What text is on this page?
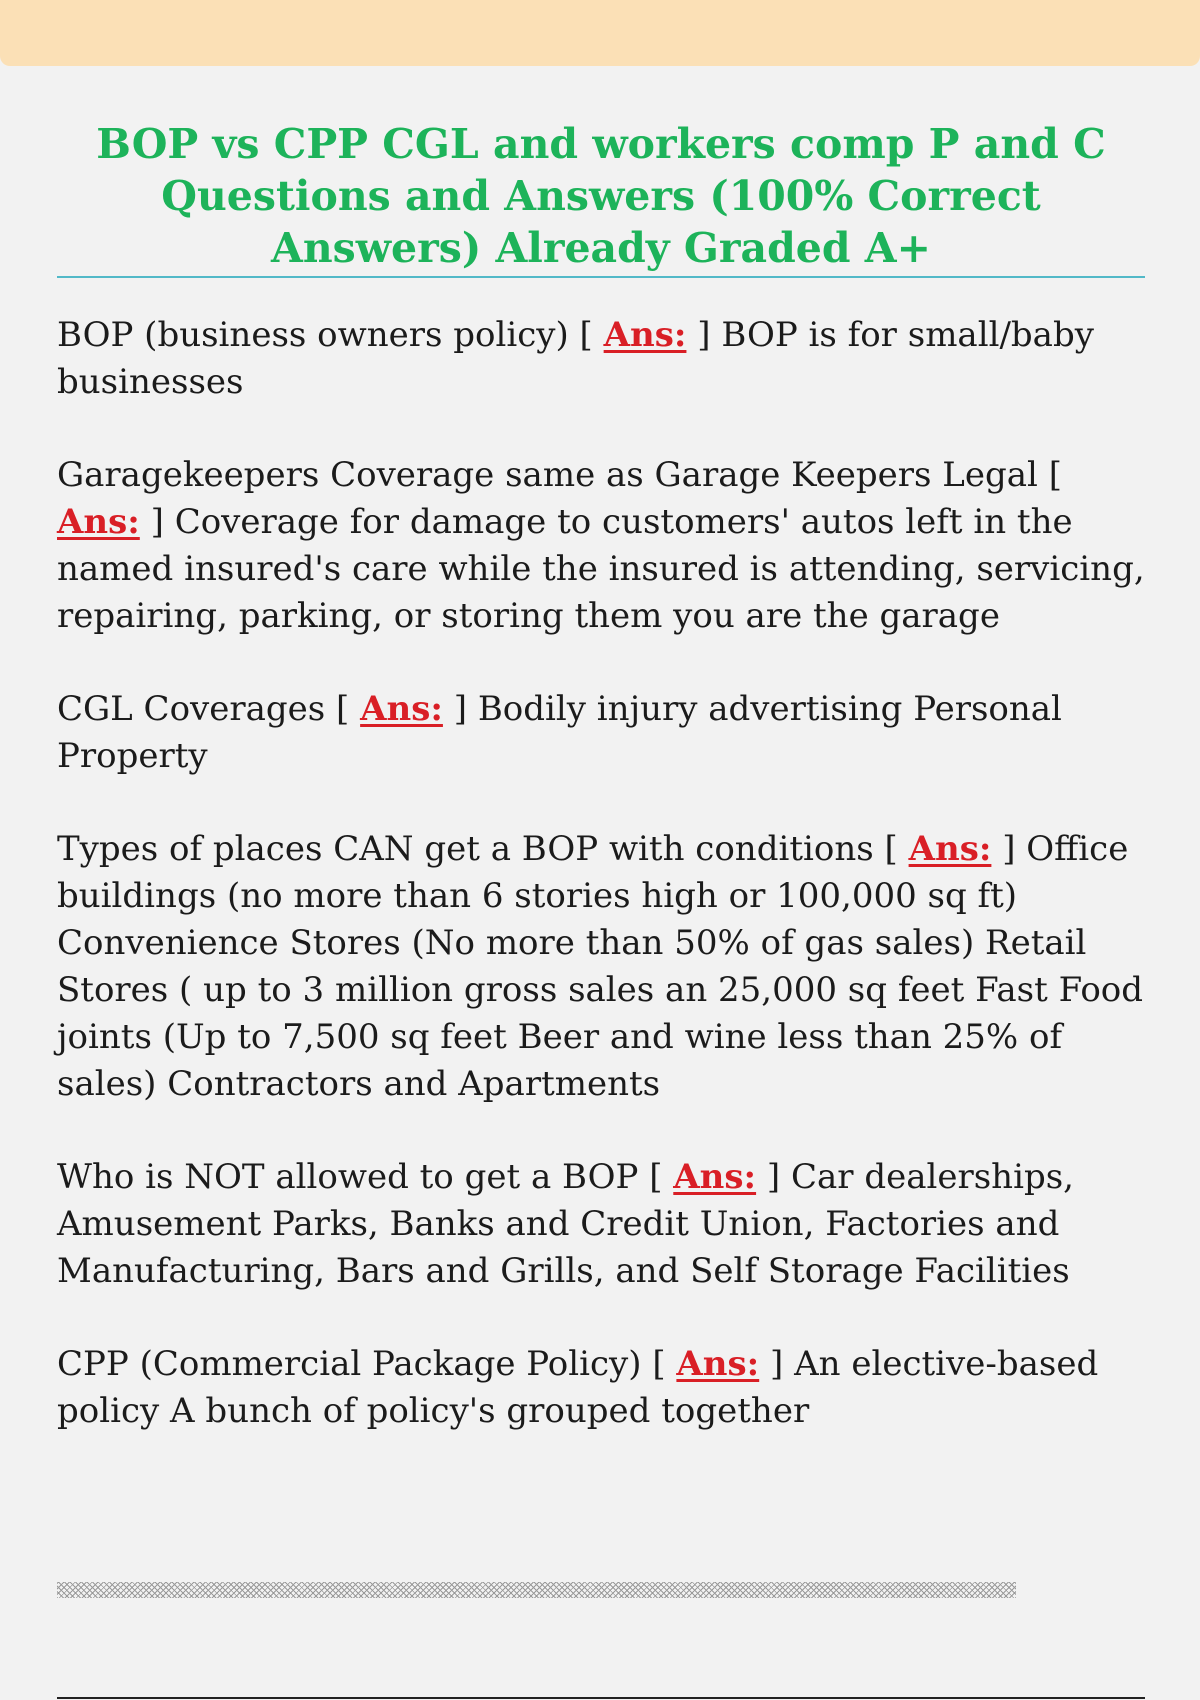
BOP vs CPP CGL and workers comp P and C Questions and Answers (100% Correct Answers) Already Graded A+

BOP (business owners policy) [ Ans: ] BOP is for small/baby businesses

Garagekeepers Coverage same as Garage Keepers Legal [ Ans: ] Coverage for damage to customers' autos left in the named insured's care while the insured is attending, servicing, repairing, parking, or storing them you are the garage

CGL Coverages [ Ans: ] Bodily injury advertising Personal Property

Types of places CAN get a BOP with conditions [ Ans: ] Office buildings (no more than 6 stories high or 100,000 sq ft) Convenience Stores (No more than 50% of gas sales) Retail Stores ( up to 3 million gross sales an 25,000 sq feet Fast Food joints (Up to 7,500 sq feet Beer and wine less than 25% of sales) Contractors and Apartments

Who is NOT allowed to get a BOP [ Ans: ] Car dealerships, Amusement Parks, Banks and Credit Union, Factories and Manufacturing, Bars and Grills, and Self Storage Facilities

CPP (Commercial Package Policy) [ Ans: ] An elective-based policy A bunch of policy's grouped together
